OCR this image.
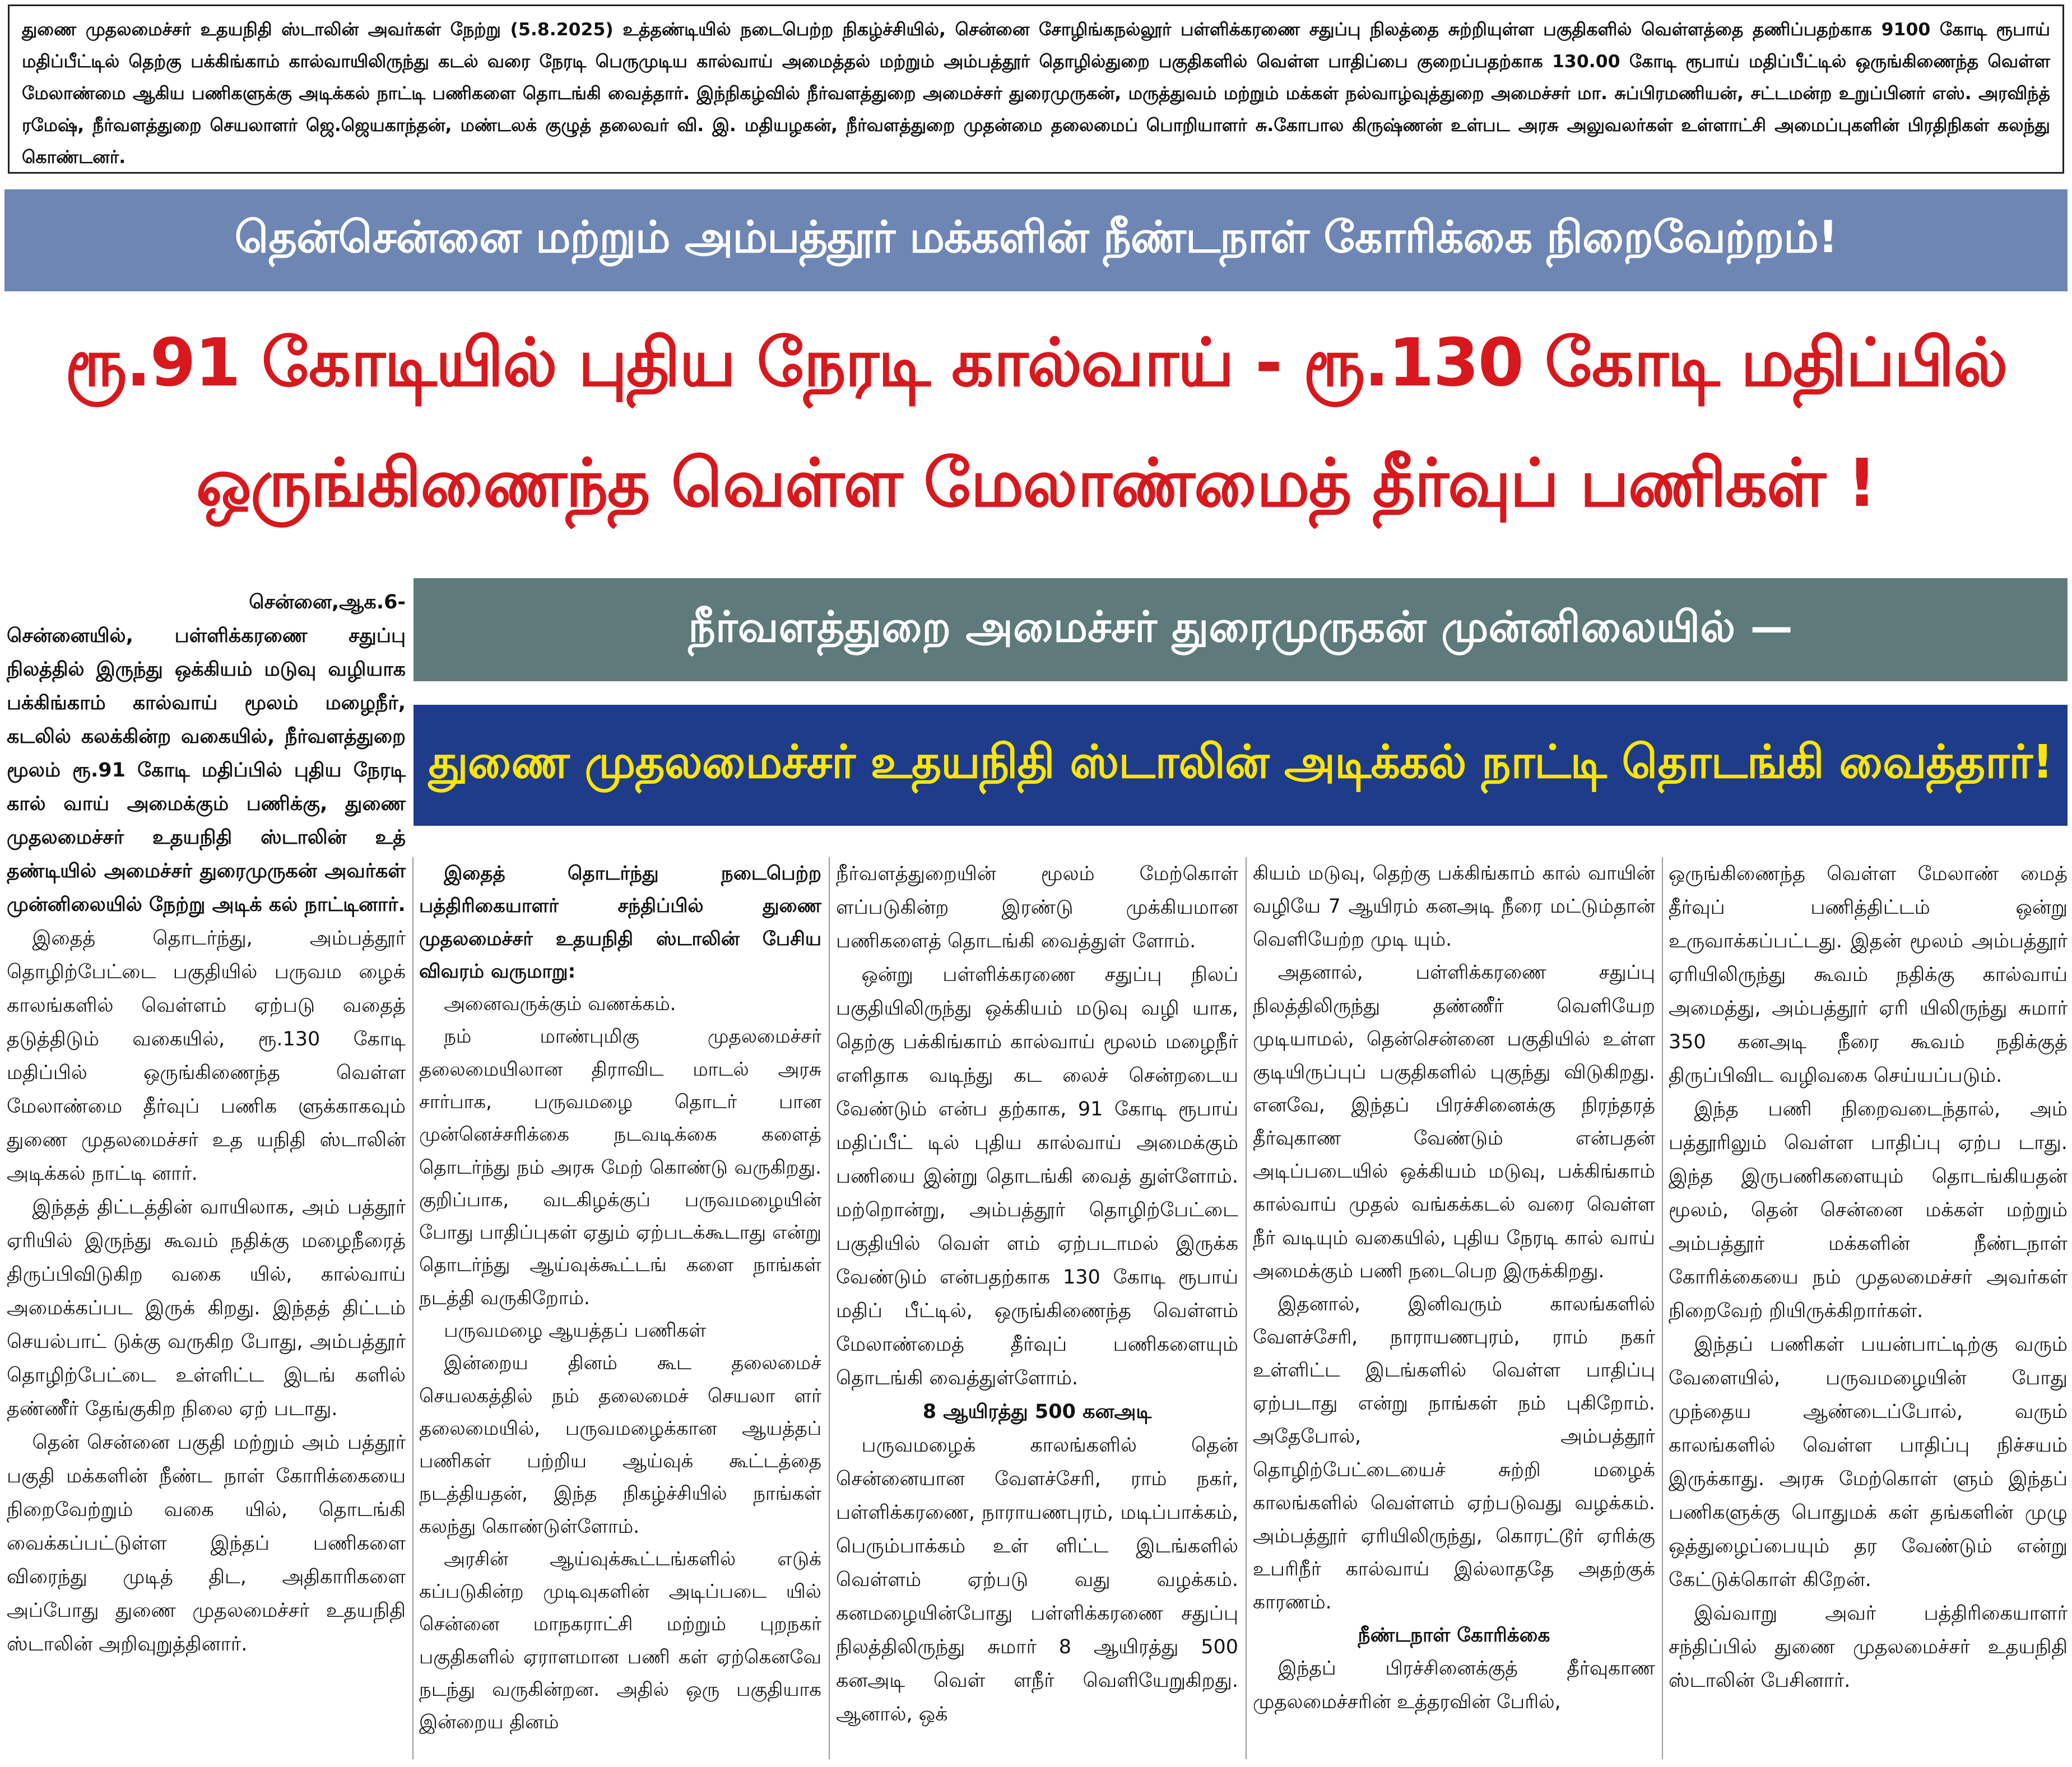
துணை முதலமைச்சர் உதயநிதி ஸ்டாலின் அவர்கள் நேற்று (5.8.2025) உத்தண்டியில் நடைபெற்ற நிகழ்ச்சியில், சென்னை சோழிங்கநல்லூர் பள்ளிக்கரணை சதுப்பு நிலத்தை சுற்றியுள்ள பகுதிகளில் வெள்ளத்தை தணிப்பதற்காக 9100 கோடி ரூபாய் மதிப்பீட்டில் தெற்கு பக்கிங்காம் கால்வாயிலிருந்து கடல் வரை நேரடி பெருமுடிய கால்வாய் அமைத்தல் மற்றும் அம்பத்தூர் தொழில்துறை பகுதிகளில் வெள்ள பாதிப்பை குறைப்பதற்காக 130.00 கோடி ரூபாய் மதிப்பீட்டில் ஒருங்கிணைந்த வெள்ள மேலாண்மை ஆகிய பணிகளுக்கு அடிக்கல் நாட்டி பணிகளை தொடங்கி வைத்தார். இந்நிகழ்வில் நீர்வளத்துறை அமைச்சர் துரைமுருகன், மருத்துவம் மற்றும் மக்கள் நல்வாழ்வுத்துறை அமைச்சர் மா. சுப்பிரமணியன், சட்டமன்ற உறுப்பினர் எஸ். அரவிந்த் ரமேஷ், நீர்வளத்துறை செயலாளர் ஜெ.ஜெயகாந்தன், மண்டலக் குழுத் தலைவர் வி. இ. மதியழகன், நீர்வளத்துறை முதன்மை தலைமைப் பொறியாளர் சு.கோபால கிருஷ்ணன் உள்பட அரசு அலுவலர்கள் உள்ளாட்சி அமைப்புகளின் பிரதிநிகள் கலந்து கொண்டனர்.

தென்சென்னை மற்றும் அம்பத்தூர் மக்களின் நீண்டநாள் கோரிக்கை நிறைவேற்றம்!
ரூ.91 கோடியில் புதிய நேரடி கால்வாய் - ரூ.130 கோடி மதிப்பில் ஒருங்கிணைந்த வெள்ள மேலாண்மைத் தீர்வுப் பணிகள் !
நீர்வளத்துறை அமைச்சர் துரைமுருகன் முன்னிலையில் —
துணை முதலமைச்சர் உதயநிதி ஸ்டாலின் அடிக்கல் நாட்டி தொடங்கி வைத்தார்!
சென்னை,ஆக.6-

சென்னையில், பள்ளிக்கரணை சதுப்பு நிலத்தில் இருந்து ஒக்கியம் மடுவு வழியாக பக்கிங்காம் கால்வாய் மூலம் மழைநீர், கடலில் கலக்கின்ற வகையில், நீர்வளத்துறை மூலம் ரூ.91 கோடி மதிப்பில் புதிய நேரடி கால் வாய் அமைக்கும் பணிக்கு, துணை முதலமைச்சர் உதயநிதி ஸ்டாலின் உத் தண்டியில் அமைச்சர் துரைமுருகன் அவர்கள் முன்னிலையில் நேற்று அடிக் கல் நாட்டினார்.

இதைத் தொடர்ந்து, அம்பத்தூர் தொழிற்பேட்டை பகுதியில் பருவம ழைக் காலங்களில் வெள்ளம் ஏற்படு வதைத் தடுத்திடும் வகையில், ரூ.130 கோடி மதிப்பில் ஒருங்கிணைந்த வெள்ள மேலாண்மை தீர்வுப் பணிக ளுக்காகவும் துணை முதலமைச்சர் உத யநிதி ஸ்டாலின் அடிக்கல் நாட்டி னார்.

இந்தத் திட்டத்தின் வாயிலாக, அம் பத்தூர் ஏரியில் இருந்து கூவம் நதிக்கு மழைநீரைத் திருப்பிவிடுகிற வகை யில், கால்வாய் அமைக்கப்பட இருக் கிறது. இந்தத் திட்டம் செயல்பாட் டுக்கு வருகிற போது, அம்பத்தூர் தொழிற்பேட்டை உள்ளிட்ட இடங் களில் தண்ணீர் தேங்குகிற நிலை ஏற் படாது.

தென் சென்னை பகுதி மற்றும் அம் பத்தூர் பகுதி மக்களின் நீண்ட நாள் கோரிக்கையை நிறைவேற்றும் வகை யில், தொடங்கி வைக்கப்பட்டுள்ள இந்தப் பணிகளை விரைந்து முடித் திட, அதிகாரிகளை அப்போது துணை முதலமைச்சர் உதயநிதி ஸ்டாலின் அறிவுறுத்தினார்.

இதைத் தொடர்ந்து நடைபெற்ற பத்திரிகையாளர் சந்திப்பில் துணை முதலமைச்சர் உதயநிதி ஸ்டாலின் பேசிய விவரம் வருமாறு:

அனைவருக்கும் வணக்கம்.

நம் மாண்புமிகு முதலமைச்சர் தலைமையிலான திராவிட மாடல் அரசு சார்பாக, பருவமழை தொடர் பான முன்னெச்சரிக்கை நடவடிக்கை களைத் தொடர்ந்து நம் அரசு மேற் கொண்டு வருகிறது. குறிப்பாக, வடகிழக்குப் பருவமழையின் போது பாதிப்புகள் ஏதும் ஏற்படக்கூடாது என்று தொடர்ந்து ஆய்வுக்கூட்டங் களை நாங்கள் நடத்தி வருகிறோம்.

பருவமழை ஆயத்தப் பணிகள்

இன்றைய தினம் கூட தலைமைச் செயலகத்தில் நம் தலைமைச் செயலா ளர் தலைமையில், பருவமழைக்கான ஆயத்தப் பணிகள் பற்றிய ஆய்வுக் கூட்டத்தை நடத்தியதன், இந்த நிகழ்ச்சியில் நாங்கள் கலந்து கொண்டுள்ளோம்.

அரசின் ஆய்வுக்கூட்டங்களில் எடுக் கப்படுகின்ற முடிவுகளின் அடிப்படை யில் சென்னை மாநகராட்சி மற்றும் புறநகர் பகுதிகளில் ஏராளமான பணி கள் ஏற்கெனவே நடந்து வருகின்றன. அதில் ஒரு பகுதியாக இன்றைய தினம்

நீர்வளத்துறையின் மூலம் மேற்கொள் ளப்படுகின்ற இரண்டு முக்கியமான பணிகளைத் தொடங்கி வைத்துள் ளோம்.

ஒன்று பள்ளிக்கரணை சதுப்பு நிலப் பகுதியிலிருந்து ஒக்கியம் மடுவு வழி யாக, தெற்கு பக்கிங்காம் கால்வாய் மூலம் மழைநீர் எளிதாக வடிந்து கட லைச் சென்றடைய வேண்டும் என்ப தற்காக, 91 கோடி ரூபாய் மதிப்பீட் டில் புதிய கால்வாய் அமைக்கும் பணியை இன்று தொடங்கி வைத் துள்ளோம். மற்றொன்று, அம்பத்தூர் தொழிற்பேட்டை பகுதியில் வெள் ளம் ஏற்படாமல் இருக்க வேண்டும் என்பதற்காக 130 கோடி ரூபாய் மதிப் பீட்டில், ஒருங்கிணைந்த வெள்ளம் மேலாண்மைத் தீர்வுப் பணிகளையும் தொடங்கி வைத்துள்ளோம்.

8 ஆயிரத்து 500 கனஅடி

பருவமழைக் காலங்களில் தென் சென்னையான வேளச்சேரி, ராம் நகர், பள்ளிக்கரணை, நாராயணபுரம், மடிப்பாக்கம், பெரும்பாக்கம் உள் ளிட்ட இடங்களில் வெள்ளம் ஏற்படு வது வழக்கம். கனமழையின்போது பள்ளிக்கரணை சதுப்பு நிலத்திலிருந்து சுமார் 8 ஆயிரத்து 500 கனஅடி வெள் ளநீர் வெளியேறுகிறது. ஆனால், ஒக்

கியம் மடுவு, தெற்கு பக்கிங்காம் கால் வாயின் வழியே 7 ஆயிரம் கனஅடி நீரை மட்டும்தான் வெளியேற்ற முடி யும்.

அதனால், பள்ளிக்கரணை சதுப்பு நிலத்திலிருந்து தண்ணீர் வெளியேற முடியாமல், தென்சென்னை பகுதியில் உள்ள குடியிருப்புப் பகுதிகளில் புகுந்து விடுகிறது. எனவே, இந்தப் பிரச்சினைக்கு நிரந்தரத் தீர்வுகாண வேண்டும் என்பதன் அடிப்படையில் ஒக்கியம் மடுவு, பக்கிங்காம் கால்வாய் முதல் வங்கக்கடல் வரை வெள்ள நீர் வடியும் வகையில், புதிய நேரடி கால் வாய் அமைக்கும் பணி நடைபெற இருக்கிறது.

இதனால், இனிவரும் காலங்களில் வேளச்சேரி, நாராயணபுரம், ராம் நகர் உள்ளிட்ட இடங்களில் வெள்ள பாதிப்பு ஏற்படாது என்று நாங்கள் நம் புகிறோம். அதேபோல், அம்பத்தூர் தொழிற்பேட்டையைச் சுற்றி மழைக் காலங்களில் வெள்ளம் ஏற்படுவது வழக்கம். அம்பத்தூர் ஏரியிலிருந்து, கொரட்டூர் ஏரிக்கு உபரிநீர் கால்வாய் இல்லாததே அதற்குக் காரணம்.

நீண்டநாள் கோரிக்கை

இந்தப் பிரச்சினைக்குத் தீர்வுகாண முதலமைச்சரின் உத்தரவின் பேரில்,

ஒருங்கிணைந்த வெள்ள மேலாண் மைத் தீர்வுப் பணித்திட்டம் ஒன்று உருவாக்கப்பட்டது. இதன் மூலம் அம்பத்தூர் ஏரியிலிருந்து கூவம் நதிக்கு கால்வாய் அமைத்து, அம்பத்தூர் ஏரி யிலிருந்து சுமார் 350 கனஅடி நீரை கூவம் நதிக்குத் திருப்பிவிட வழிவகை செய்யப்படும்.

இந்த பணி நிறைவடைந்தால், அம் பத்தூரிலும் வெள்ள பாதிப்பு ஏற்ப டாது. இந்த இருபணிகளையும் தொடங்கியதன் மூலம், தென் சென்னை மக்கள் மற்றும் அம்பத்தூர் மக்களின் நீண்டநாள் கோரிக்கையை நம் முதலமைச்சர் அவர்கள் நிறைவேற் றியிருக்கிறார்கள்.

இந்தப் பணிகள் பயன்பாட்டிற்கு வரும் வேளையில், பருவமழையின் போது முந்தைய ஆண்டைப்போல், வரும் காலங்களில் வெள்ள பாதிப்பு நிச்சயம் இருக்காது. அரசு மேற்கொள் ளும் இந்தப் பணிகளுக்கு பொதுமக் கள் தங்களின் முழு ஒத்துழைப்பையும் தர வேண்டும் என்று கேட்டுக்கொள் கிறேன்.

இவ்வாறு அவர் பத்திரிகையாளர் சந்திப்பில் துணை முதலமைச்சர் உதயநிதி ஸ்டாலின் பேசினார்.
